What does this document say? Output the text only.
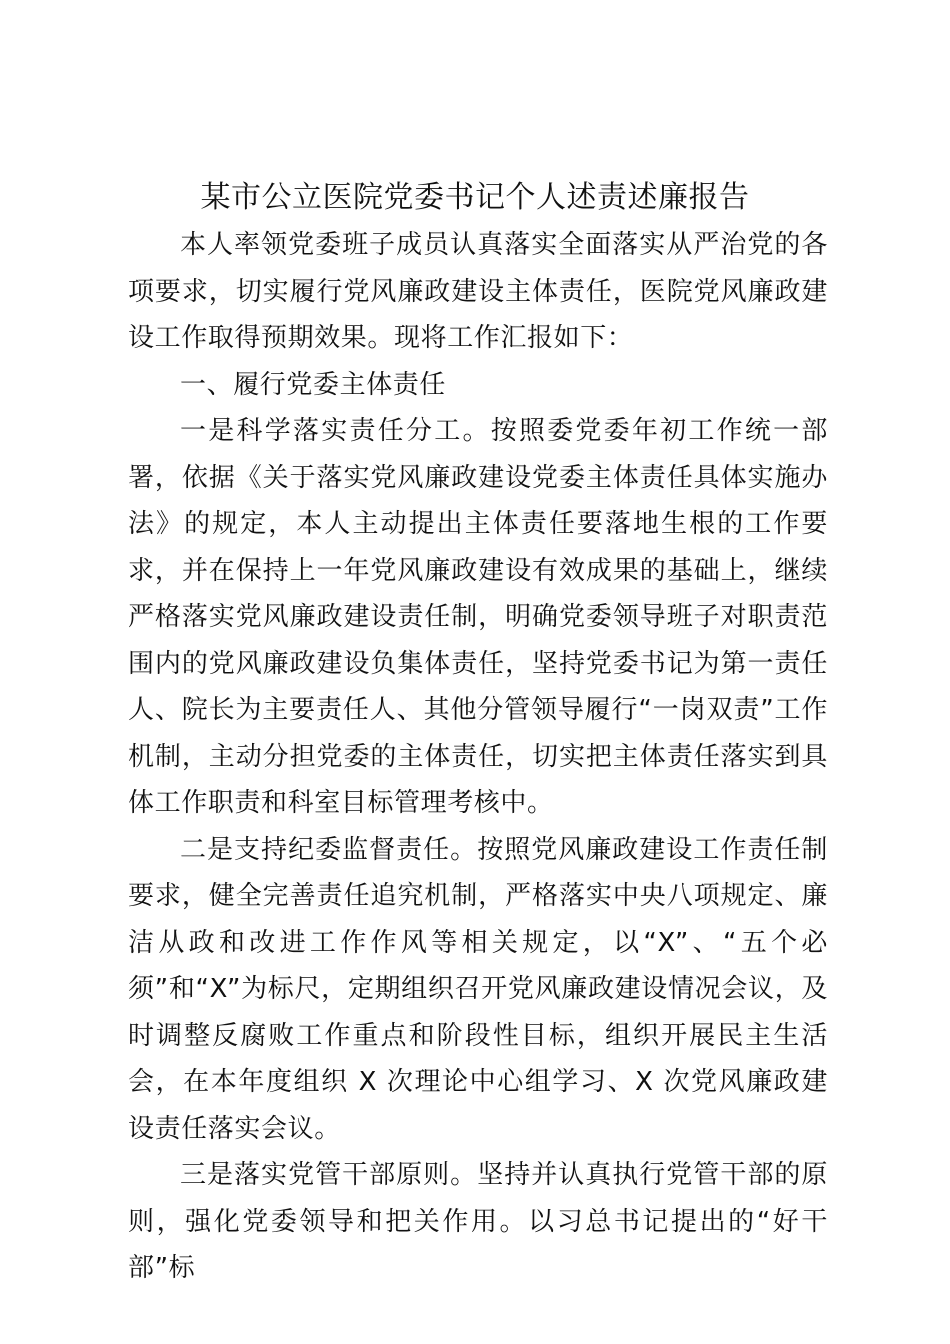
某市公立医院党委书记个人述责述廉报告

本人率领党委班子成员认真落实全面落实从严治党的各项要求，切实履行党风廉政建设主体责任，医院党风廉政建设工作取得预期效果。现将工作汇报如下：

一、履行党委主体责任

一是科学落实责任分工。按照委党委年初工作统一部署，依据《关于落实党风廉政建设党委主体责任具体实施办法》的规定，本人主动提出主体责任要落地生根的工作要求，并在保持上一年党风廉政建设有效成果的基础上，继续严格落实党风廉政建设责任制，明确党委领导班子对职责范围内的党风廉政建设负集体责任，坚持党委书记为第一责任人、院长为主要责任人、其他分管领导履行“一岗双责”工作机制，主动分担党委的主体责任，切实把主体责任落实到具体工作职责和科室目标管理考核中。

二是支持纪委监督责任。按照党风廉政建设工作责任制要求，健全完善责任追究机制，严格落实中央八项规定、廉洁从政和改进工作作风等相关规定，以“X”、“五个必须”和“X”为标尺，定期组织召开党风廉政建设情况会议，及时调整反腐败工作重点和阶段性目标，组织开展民主生活会，在本年度组织 X 次理论中心组学习、X 次党风廉政建设责任落实会议。

三是落实党管干部原则。坚持并认真执行党管干部的原则，强化党委领导和把关作用。以习总书记提出的“好干部”标
